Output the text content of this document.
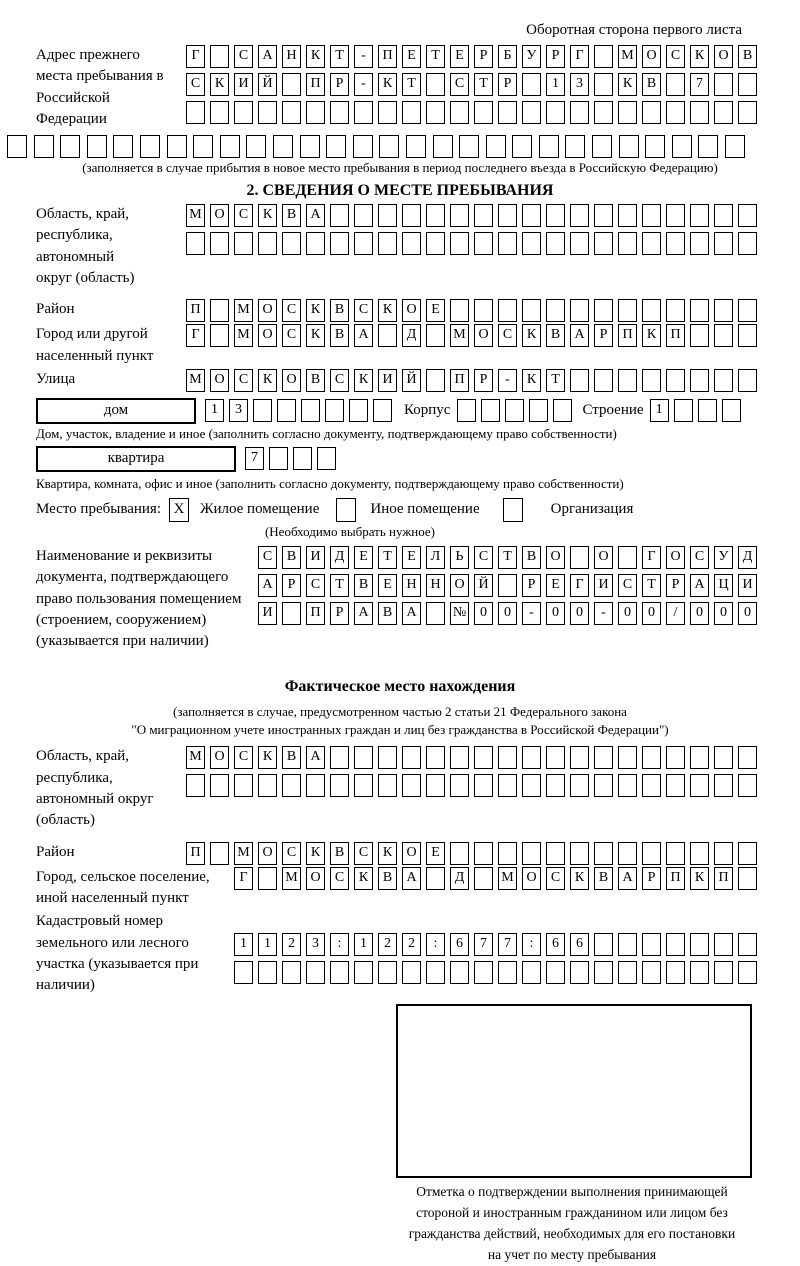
Оборотная сторона первого листа
Адрес прежнего места пребывания в Российской Федерации
Г	С	А Н	К	Т	-	П	Е	Т	Е	Р	Б	У	Р	Г	М О	С	К	О	В
С	К	И Й	П	Р	-	К	Т	С	Т	Р	1	3	К	В	7
(заполняется в случае прибытия в новое место пребывания в период последнего въезда в Российскую Федерацию)
2. СВЕДЕНИЯ О МЕСТЕ ПРЕБЫВАНИЯ
Область, край, республика, автономный округ (область)
М О	С	К	В	А
Район	П	М О	С	К	В	С	К	О	Е
Город или другой населенный пункт
Г	М О	С	К	В	А	Д	М О	С	К	В	А	Р	П	К	П
Улица	М О	С	К	О	В	С	К	И Й	П	Р	-	К	Т
дом	1	3	Корпус	Строение 1
Дом, участок, владение и иное (заполнить согласно документу, подтверждающему право собственности)
квартира	7
Квартира, комната, офис и иное (заполнить согласно документу, подтверждающему право собственности)
Место пребывания: X	Жилое помещение	Иное помещение	Организация
(Необходимо выбрать нужное)
Наименование и реквизиты документа, подтверждающего право пользования помещением (строением, сооружением) (указывается при наличии)
С	В	И	Д	Е	Т	Е	Л	Ь	С	Т	В	О	О	Г	О	С	У	Д
А	Р	С	Т	В	Е	Н Н О Й	Р	Е	Г	И	С	Т	Р	А Ц И
И	П	Р	А	В	А	№ 0	0	-	0	0	-	0	0	/	0	0	0
Фактическое место нахождения
(заполняется в случае, предусмотренном частью 2 статьи 21 Федерального закона
"О миграционном учете иностранных граждан и лиц без гражданства в Российской Федерации")
Область, край, республика, автономный округ (область)
М О	С	К	В	А
Район	П	М О	С	К	В	С	К	О	Е
Город, сельское поселение, иной населенный пункт
Г	М О	С	К	В	А	Д	М О	С	К	В	А	Р	П	К	П
Кадастровый номер земельного или лесного участка (указывается при наличии)
1	1	2	3	:	1	2	2	:	6	7	7	:	6	6
Отметка о подтверждении выполнения принимающей
стороной и иностранным гражданином или лицом без
гражданства действий, необходимых для его постановки
на учет по месту пребывания
